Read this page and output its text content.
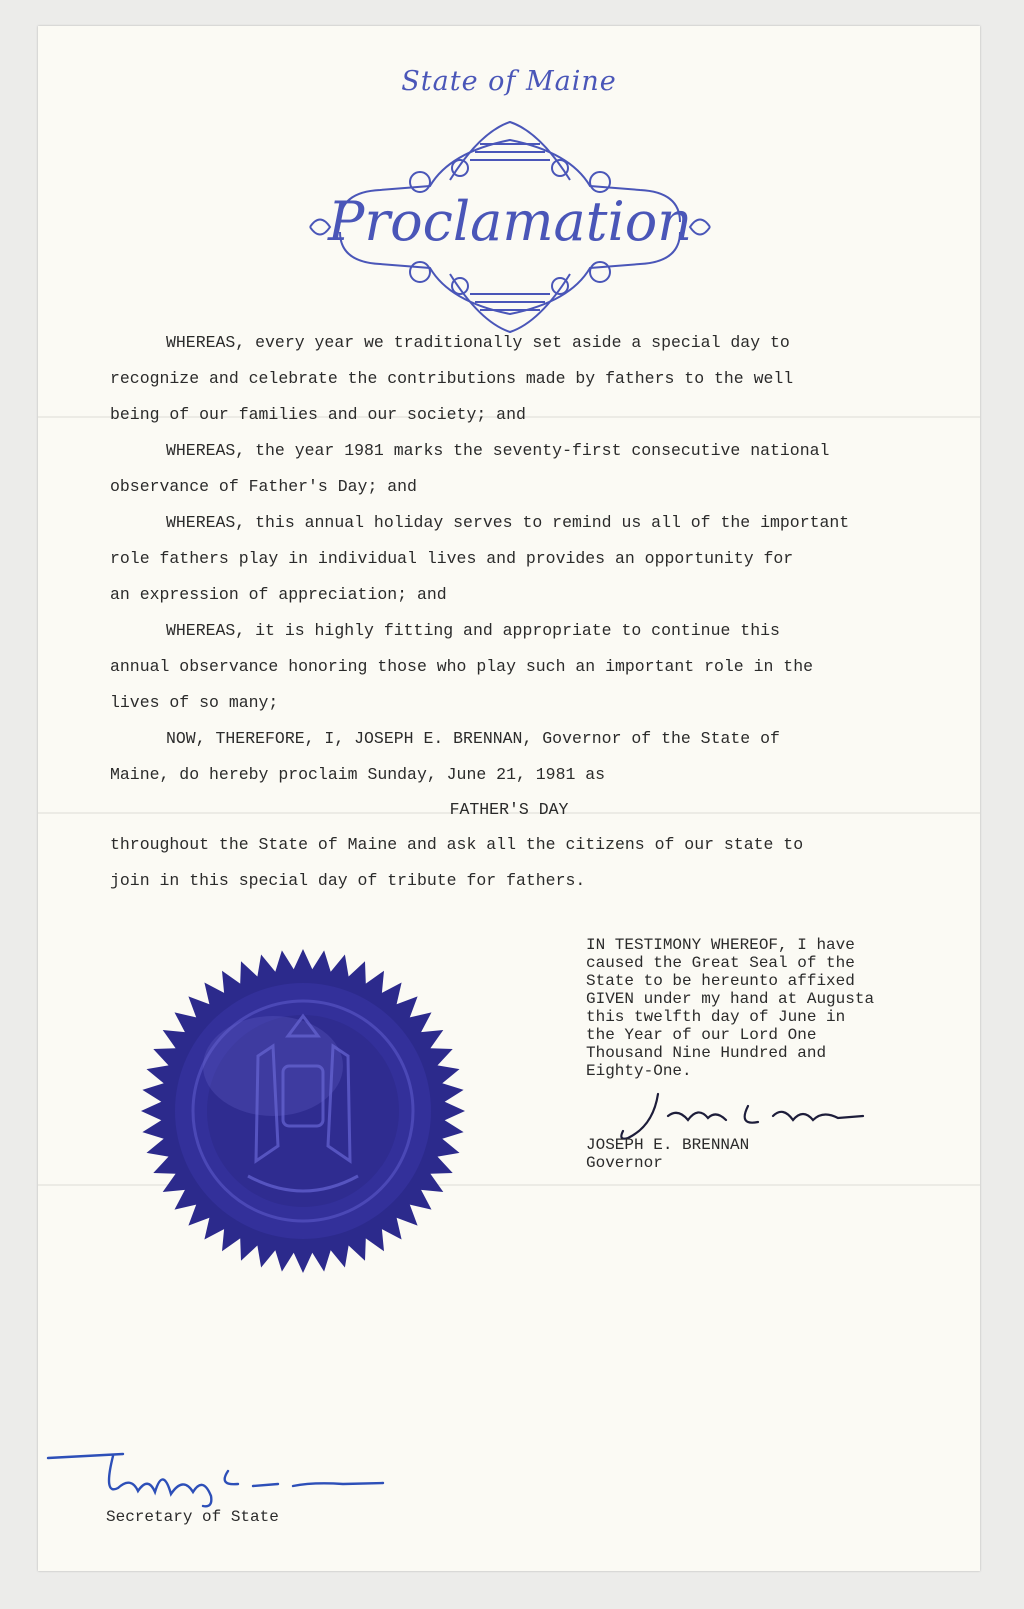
State of Maine
Proclamation
WHEREAS, every year we traditionally set aside a special day to
recognize and celebrate the contributions made by fathers to the well
being of our families and our society; and
WHEREAS, the year 1981 marks the seventy-first consecutive national
observance of Father's Day; and
WHEREAS, this annual holiday serves to remind us all of the important
role fathers play in individual lives and provides an opportunity for
an expression of appreciation; and
WHEREAS, it is highly fitting and appropriate to continue this
annual observance honoring those who play such an important role in the
lives of so many;
NOW, THEREFORE, I, JOSEPH E. BRENNAN, Governor of the State of
Maine, do hereby proclaim Sunday, June 21, 1981 as
FATHER'S DAY
throughout the State of Maine and ask all the citizens of our state to
join in this special day of tribute for fathers.
IN TESTIMONY WHEREOF, I have
caused the Great Seal of the
State to be hereunto affixed
GIVEN under my hand at Augusta
this twelfth day of June in
the Year of our Lord One
Thousand Nine Hundred and
Eighty-One.
JOSEPH E. BRENNAN
Governor
Secretary of State
